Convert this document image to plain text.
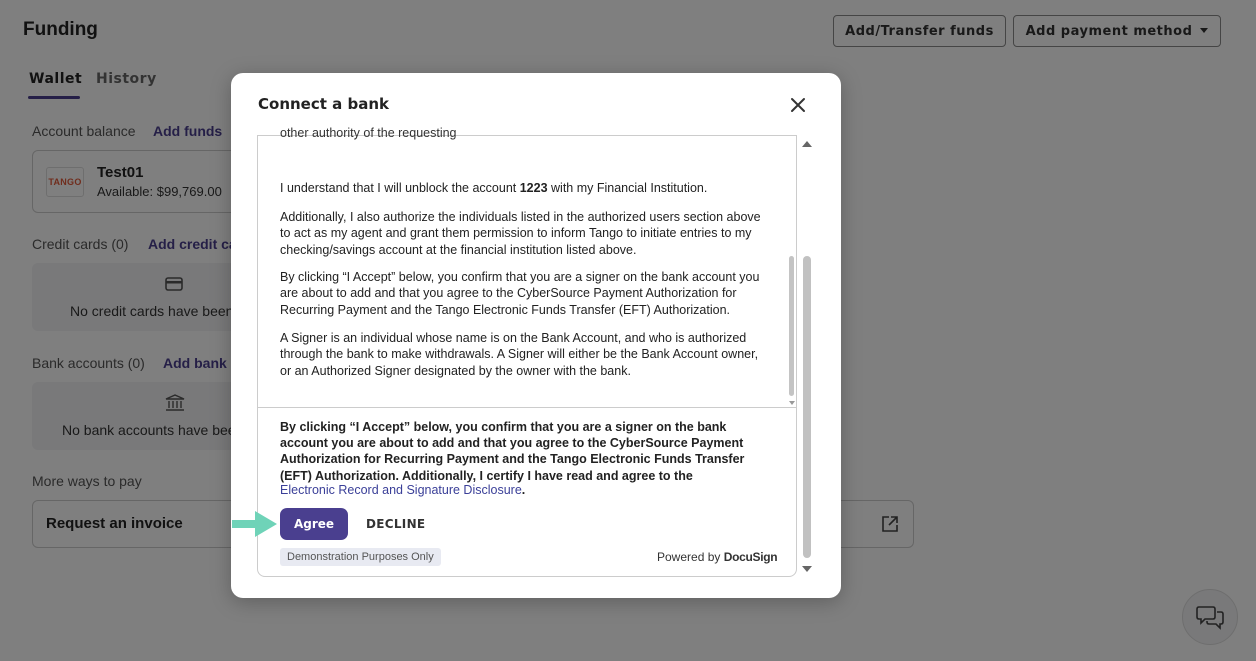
Connect a bank
other authority of the requesting
I understand that I will unblock the account 1223 with my Financial Institution.
Additionally, I also authorize the individuals listed in the authorized users section above to act as my agent and grant them permission to inform Tango to initiate entries to my checking/savings account at the financial institution listed above.
By clicking “I Accept” below, you confirm that you are a signer on the bank account you are about to add and that you agree to the CyberSource Payment Authorization for Recurring Payment and the Tango Electronic Funds Transfer (EFT) Authorization.
A Signer is an individual whose name is on the Bank Account, and who is authorized through the bank to make withdrawals. A Signer will either be the Bank Account owner, or an Authorized Signer designated by the owner with the bank.
By clicking “I Accept” below, you confirm that you are a signer on the bank account you are about to add and that you agree to the CyberSource Payment Authorization for Recurring Payment and the Tango Electronic Funds Transfer (EFT) Authorization. Additionally, I certify I have read and agree to the
Electronic Record and Signature Disclosure.
Agree	DECLINE
Demonstration Purposes Only	Powered by DocuSign
